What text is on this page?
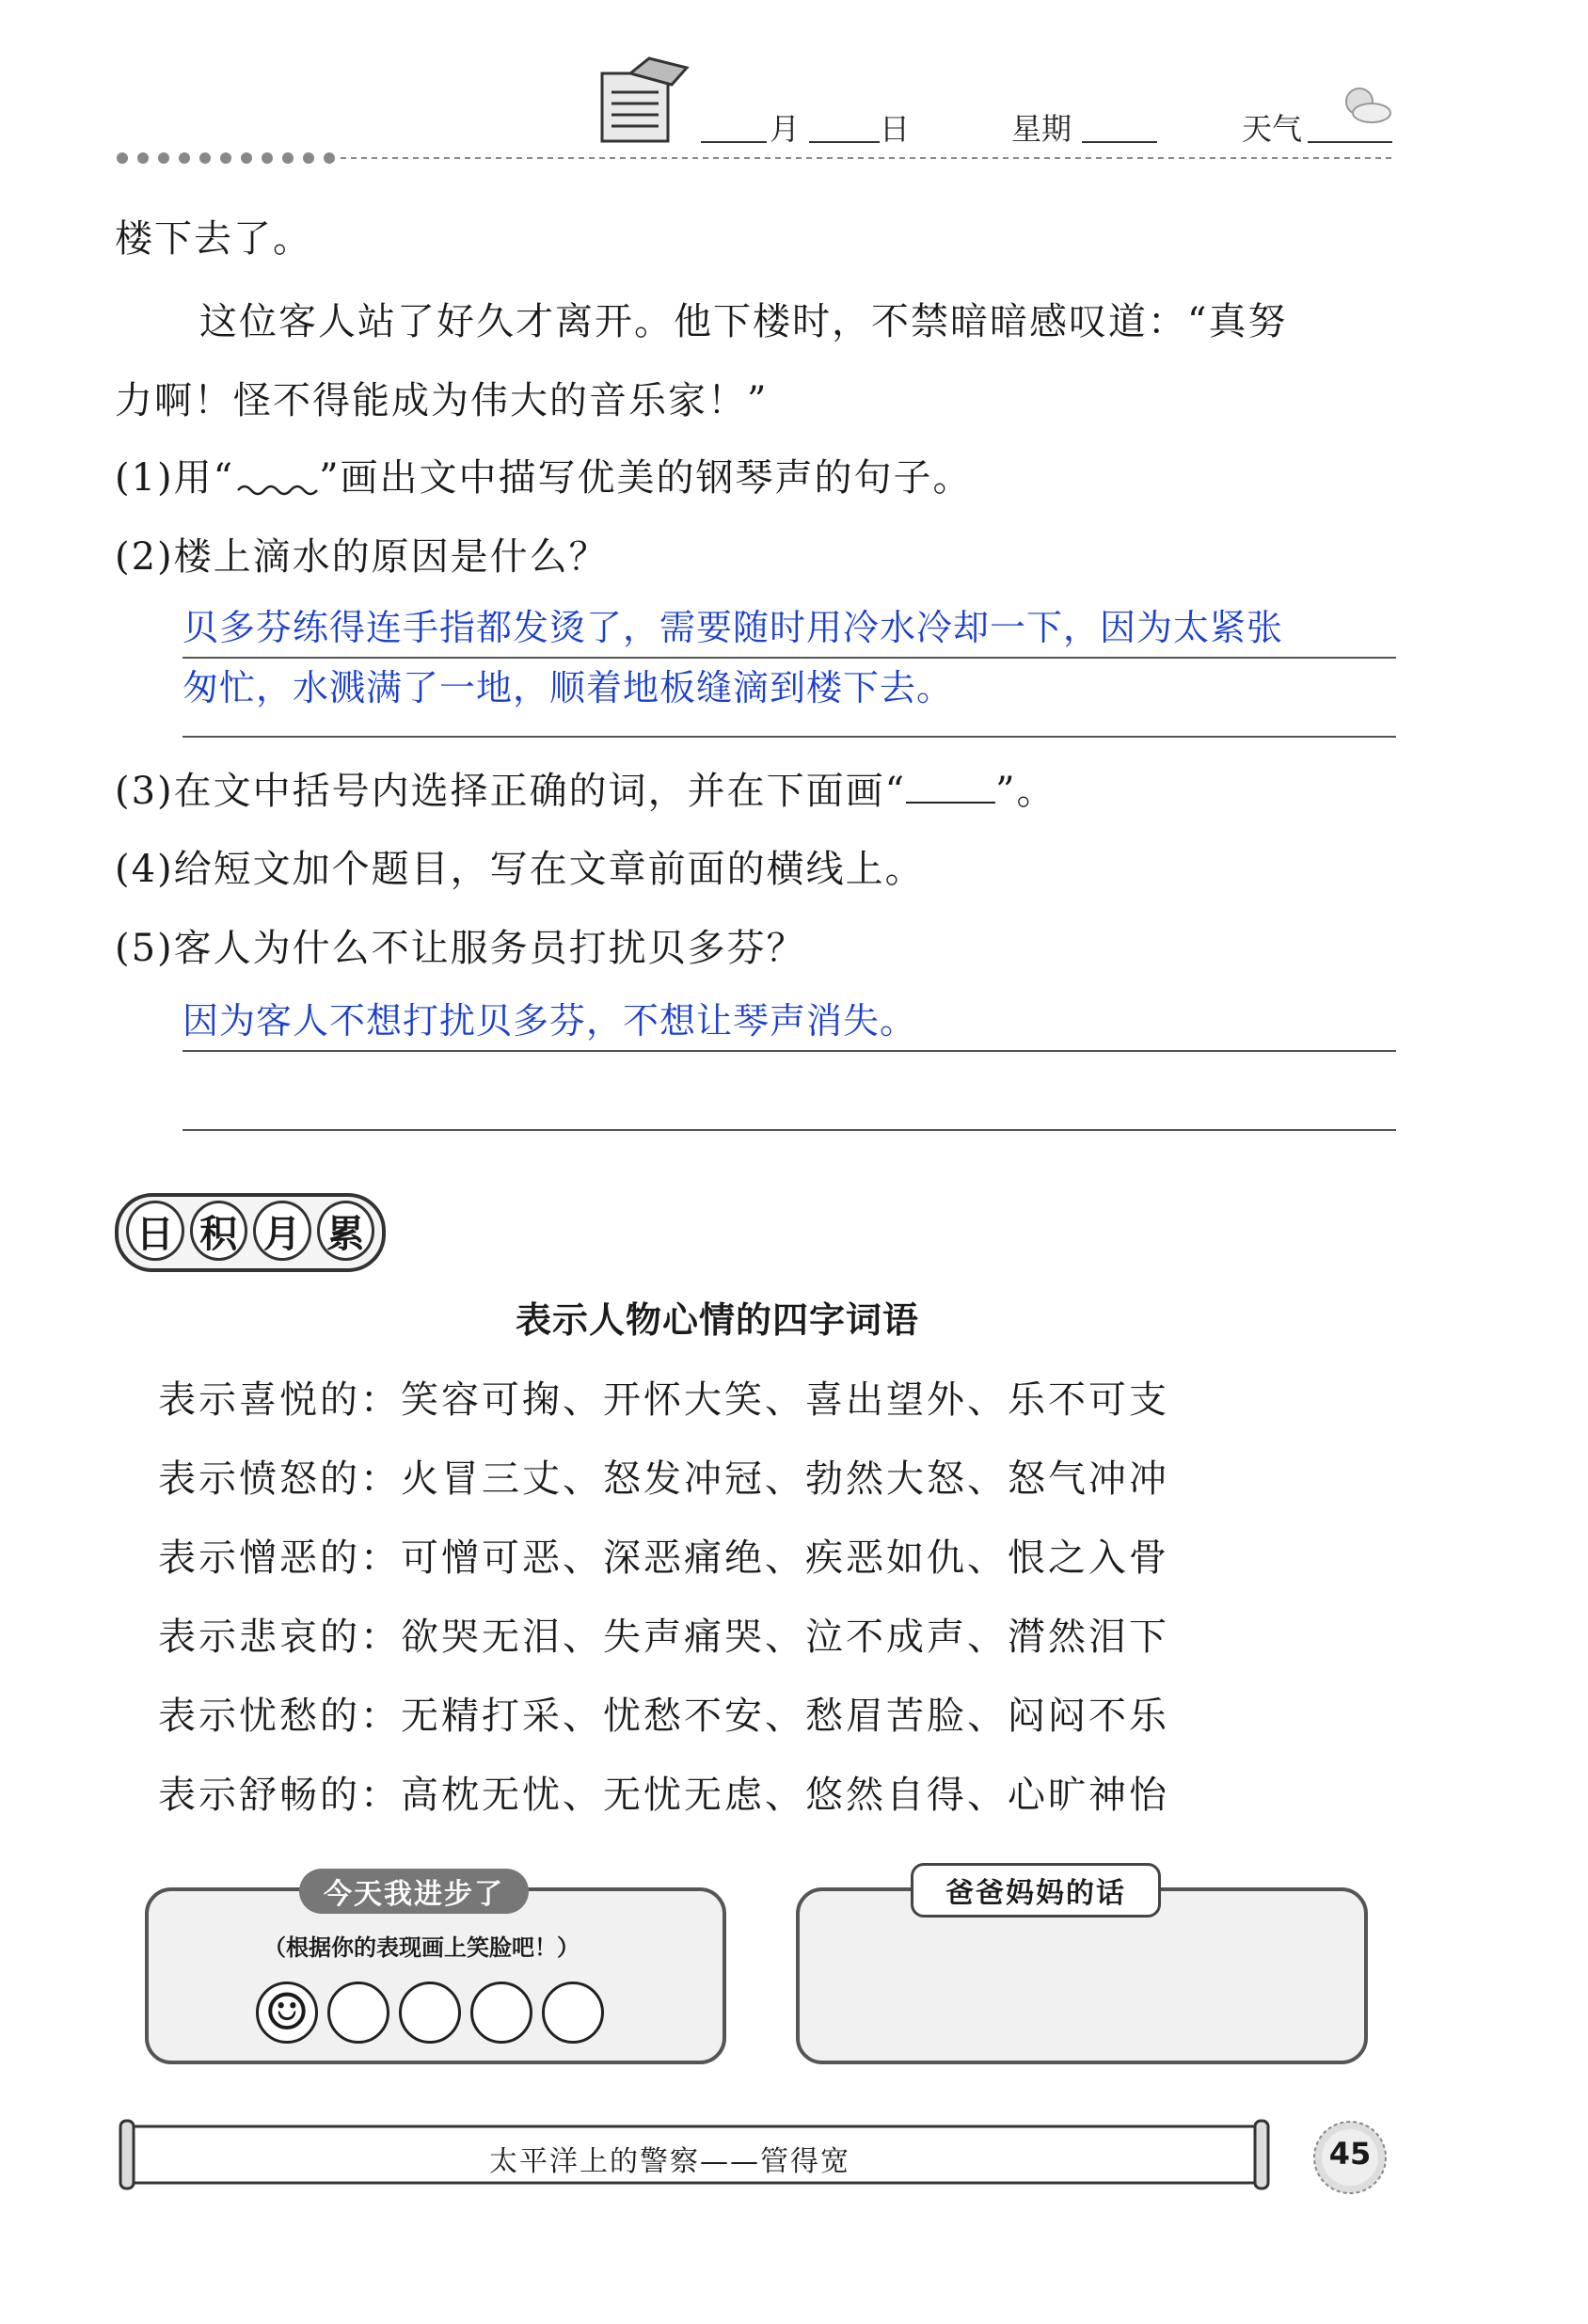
月	日	星期	天气
楼下去了。
这位客人站了好久才离开。他下楼时，不禁暗暗感叹道：“真努
力啊！怪不得能成为伟大的音乐家！”
(1)用“ ”画出文中描写优美的钢琴声的句子。
(2)楼上滴水的原因是什么？
贝多芬练得连手指都发烫了，需要随时用冷水冷却一下，因为太紧张
匆忙，水溅满了一地，顺着地板缝滴到楼下去。
(3)在文中括号内选择正确的词，并在下面画“ ”。
(4)给短文加个题目，写在文章前面的横线上。
(5)客人为什么不让服务员打扰贝多芬？
因为客人不想打扰贝多芬，不想让琴声消失。
日 积 月 累
表示人物心情的四字词语
表示喜悦的：笑容可掬、开怀大笑、喜出望外、乐不可支
表示愤怒的：火冒三丈、怒发冲冠、勃然大怒、怒气冲冲
表示憎恶的：可憎可恶、深恶痛绝、疾恶如仇、恨之入骨
表示悲哀的：欲哭无泪、失声痛哭、泣不成声、潸然泪下
表示忧愁的：无精打采、忧愁不安、愁眉苦脸、闷闷不乐
表示舒畅的：高枕无忧、无忧无虑、悠然自得、心旷神怡
今天我进步了
（根据你的表现画上笑脸吧！）
☺
爸爸妈妈的话
太平洋上的警察——管得宽	45
